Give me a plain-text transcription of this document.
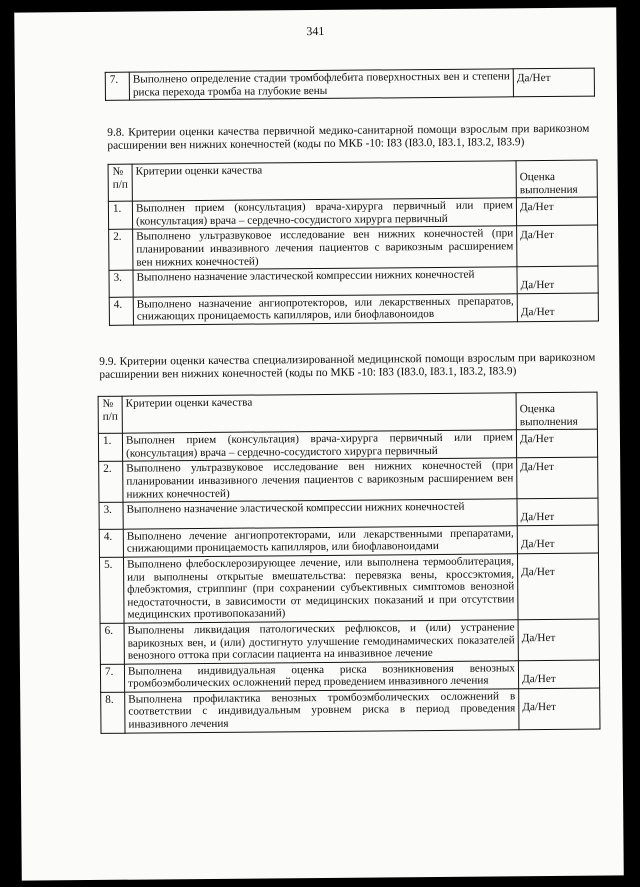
341
7.	Выполнено определение стадии тромбофлебита поверхностных вен и степени риска перехода тромба на глубокие вены	Да/Нет
9.8. Критерии оценки качества первичной медико-санитарной помощи взрослым при варикозном расширении вен нижних конечностей (коды по МКБ -10: I83 (I83.0, I83.1, I83.2, I83.9)
№ п/п	Критерии оценки качества	Оценка выполнения
1.	Выполнен прием (консультация) врача-хирурга первичный или прием (консультация) врача – сердечно-сосудистого хирурга первичный	Да/Нет
2.	Выполнено ультразвуковое исследование вен нижних конечностей (при планировании инвазивного лечения пациентов с варикозным расширением вен нижних конечностей)	Да/Нет
3.	Выполнено назначение эластической компрессии нижних конечностей	Да/Нет
4.	Выполнено назначение ангиопротекторов, или лекарственных препаратов, снижающих проницаемость капилляров, или биофлавоноидов	Да/Нет
9.9. Критерии оценки качества специализированной медицинской помощи взрослым при варикозном расширении вен нижних конечностей (коды по МКБ -10: I83 (I83.0, I83.1, I83.2, I83.9)
№ п/п	Критерии оценки качества	Оценка выполнения
1.	Выполнен прием (консультация) врача-хирурга первичный или прием (консультация) врача – сердечно-сосудистого хирурга первичный	Да/Нет
2.	Выполнено ультразвуковое исследование вен нижних конечностей (при планировании инвазивного лечения пациентов с варикозным расширением вен нижних конечностей)	Да/Нет
3.	Выполнено назначение эластической компрессии нижних конечностей	Да/Нет
4.	Выполнено лечение ангиопротекторами, или лекарственными препаратами, снижающими проницаемость капилляров, или биофлавоноидами	Да/Нет
5.	Выполнено флебосклерозирующее лечение, или выполнена термооблитерация, или выполнены открытые вмешательства: перевязка вены, кроссэктомия, флебэктомия, стриппинг (при сохранении субъективных симптомов венозной недостаточности, в зависимости от медицинских показаний и при отсутствии медицинских противопоказаний)	Да/Нет
6.	Выполнены ликвидация патологических рефлюксов, и (или) устранение варикозных вен, и (или) достигнуто улучшение гемодинамических показателей венозного оттока при согласии пациента на инвазивное лечение	Да/Нет
7.	Выполнена индивидуальная оценка риска возникновения венозных тромбоэмболических осложнений перед проведением инвазивного лечения	Да/Нет
8.	Выполнена профилактика венозных тромбоэмболических осложнений в соответствии с индивидуальным уровнем риска в период проведения инвазивного лечения	Да/Нет
